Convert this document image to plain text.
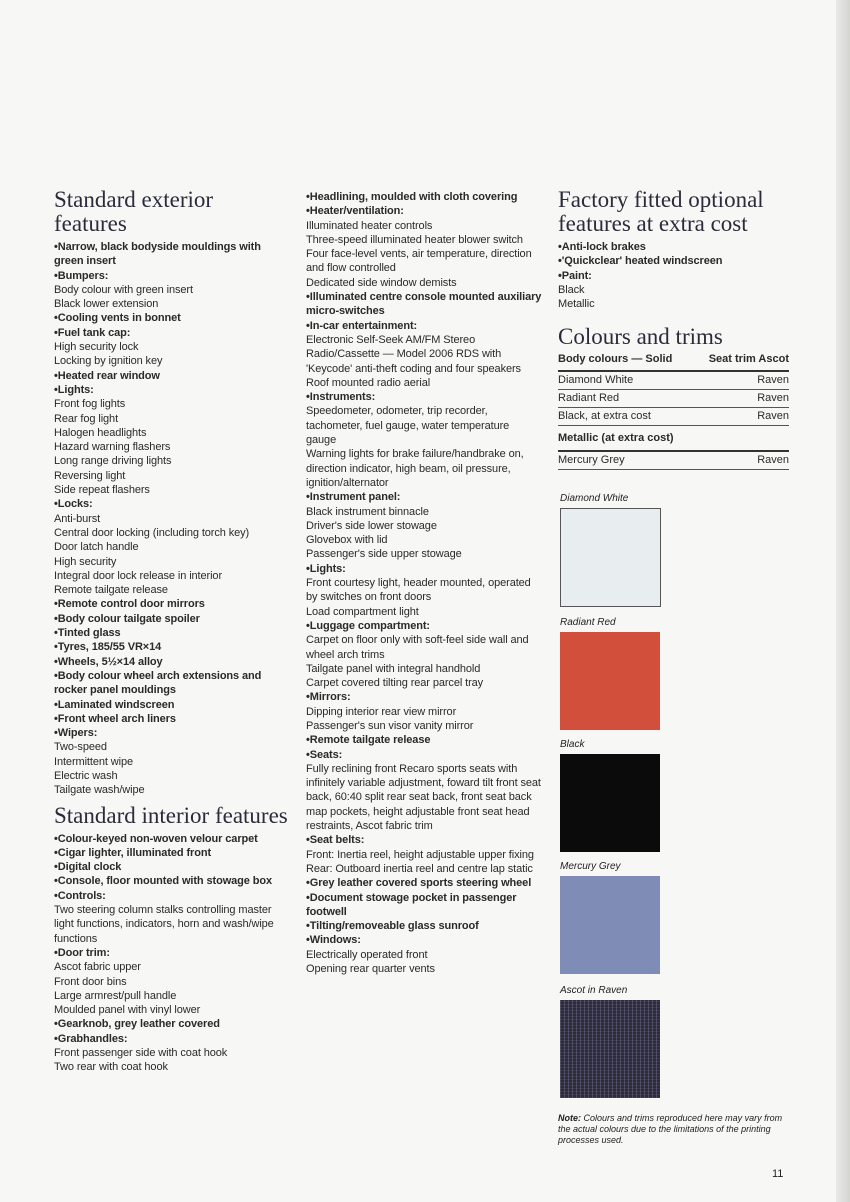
Standard exterior features
• Narrow, black bodyside mouldings with green insert
• Bumpers:
Body colour with green insert
Black lower extension
• Cooling vents in bonnet
• Fuel tank cap:
High security lock
Locking by ignition key
• Heated rear window
• Lights:
Front fog lights
Rear fog light
Halogen headlights
Hazard warning flashers
Long range driving lights
Reversing light
Side repeat flashers
• Locks:
Anti-burst
Central door locking (including torch key)
Door latch handle
High security
Integral door lock release in interior
Remote tailgate release
• Remote control door mirrors
• Body colour tailgate spoiler
• Tinted glass
• Tyres, 185/55 VR×14
• Wheels, 5½×14 alloy
• Body colour wheel arch extensions and rocker panel mouldings
• Laminated windscreen
• Front wheel arch liners
• Wipers:
Two-speed
Intermittent wipe
Electric wash
Tailgate wash/wipe
Standard interior features
• Colour-keyed non-woven velour carpet
• Cigar lighter, illuminated front
• Digital clock
• Console, floor mounted with stowage box
• Controls:
Two steering column stalks controlling master light functions, indicators, horn and wash/wipe functions
• Door trim:
Ascot fabric upper
Front door bins
Large armrest/pull handle
Moulded panel with vinyl lower
• Gearknob, grey leather covered
• Grabhandles:
Front passenger side with coat hook
Two rear with coat hook
• Headlining, moulded with cloth covering
• Heater/ventilation:
Illuminated heater controls
Three-speed illuminated heater blower switch
Four face-level vents, air temperature, direction and flow controlled
Dedicated side window demists
• Illuminated centre console mounted auxiliary micro-switches
• In-car entertainment:
Electronic Self-Seek AM/FM Stereo Radio/Cassette — Model 2006 RDS with 'Keycode' anti-theft coding and four speakers
Roof mounted radio aerial
• Instruments:
Speedometer, odometer, trip recorder, tachometer, fuel gauge, water temperature gauge
Warning lights for brake failure/handbrake on, direction indicator, high beam, oil pressure, ignition/alternator
• Instrument panel:
Black instrument binnacle
Driver's side lower stowage
Glovebox with lid
Passenger's side upper stowage
• Lights:
Front courtesy light, header mounted, operated by switches on front doors
Load compartment light
• Luggage compartment:
Carpet on floor only with soft-feel side wall and wheel arch trims
Tailgate panel with integral handhold
Carpet covered tilting rear parcel tray
• Mirrors:
Dipping interior rear view mirror
Passenger's sun visor vanity mirror
• Remote tailgate release
• Seats:
Fully reclining front Recaro sports seats with infinitely variable adjustment, foward tilt front seat back, 60:40 split rear seat back, front seat back map pockets, height adjustable front seat head restraints, Ascot fabric trim
• Seat belts:
Front: Inertia reel, height adjustable upper fixing
Rear: Outboard inertia reel and centre lap static
• Grey leather covered sports steering wheel
• Document stowage pocket in passenger footwell
• Tilting/removeable glass sunroof
• Windows:
Electrically operated front
Opening rear quarter vents
Factory fitted optional features at extra cost
• Anti-lock brakes
• 'Quickclear' heated windscreen
• Paint:
Black
Metallic
Colours and trims
Body colours — Solid	Seat trim Ascot
Diamond White	Raven
Radiant Red	Raven
Black, at extra cost	Raven
Metallic (at extra cost)	
Mercury Grey	Raven
Diamond White
Radiant Red
Black
Mercury Grey
Ascot in Raven
Note: Colours and trims reproduced here may vary from the actual colours due to the limitations of the printing processes used.
11
